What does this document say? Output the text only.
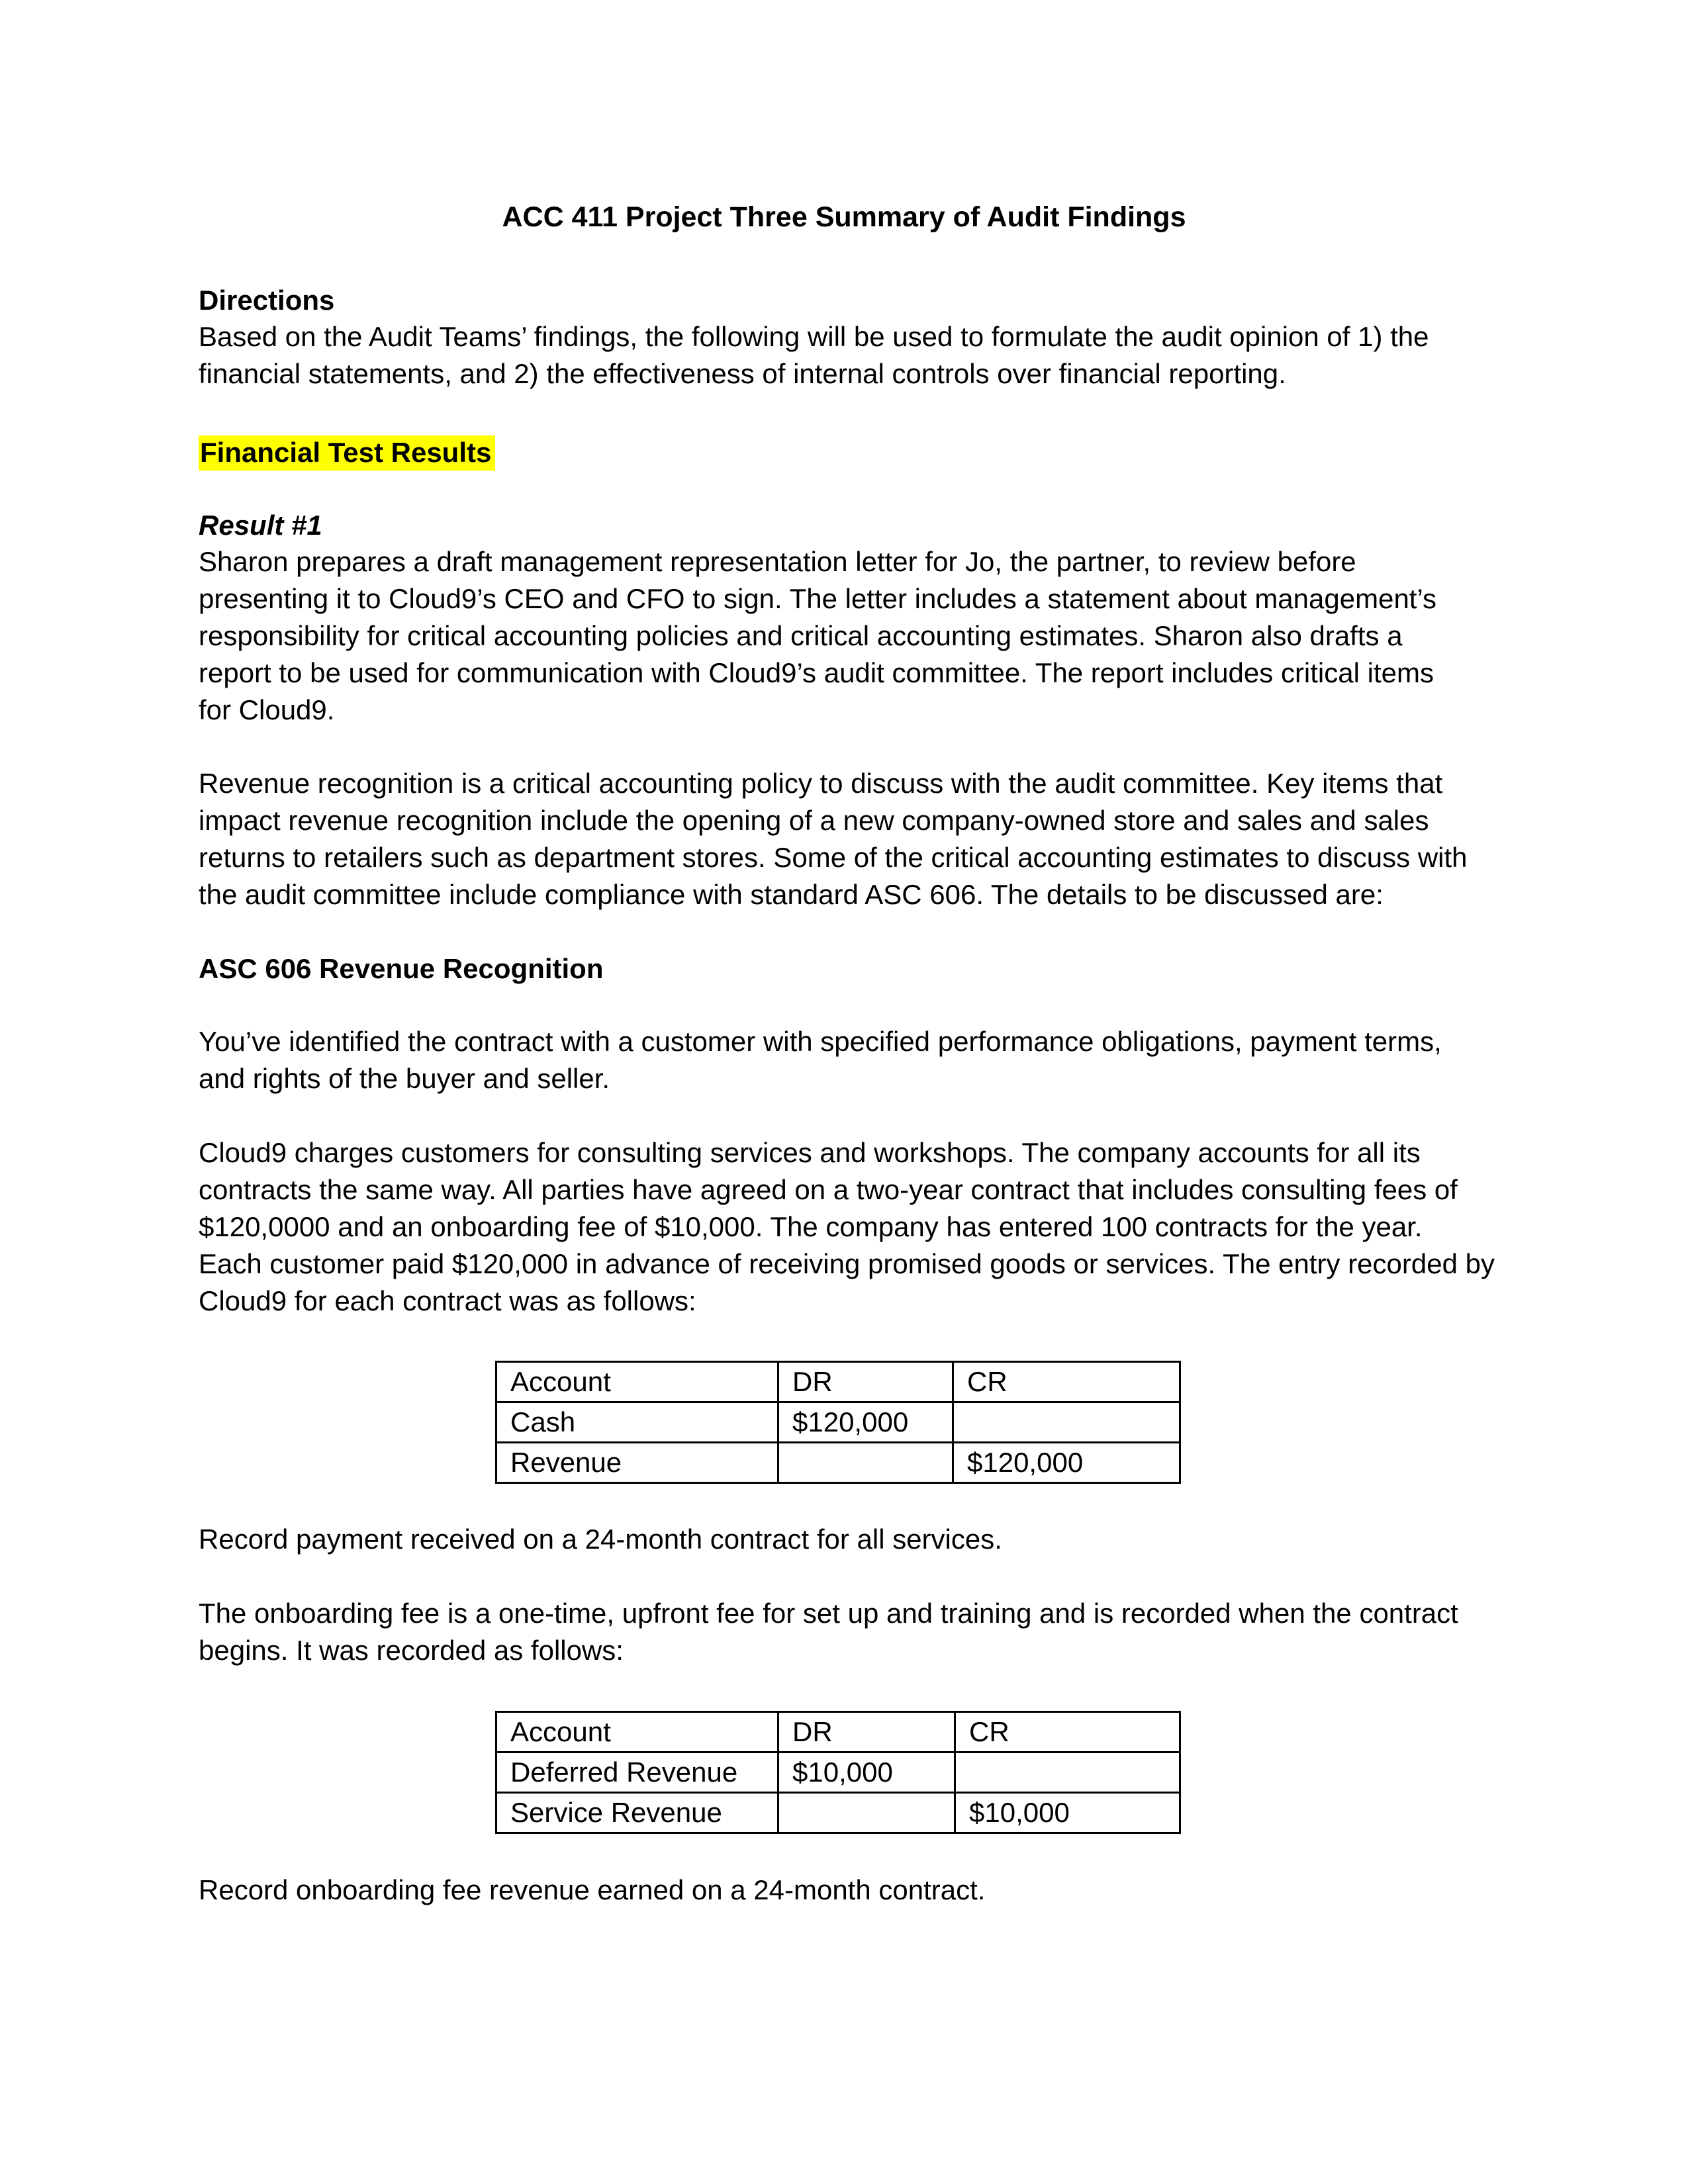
ACC 411 Project Three Summary of Audit Findings
Directions
Based on the Audit Teams’ findings, the following will be used to formulate the audit opinion of 1) the
financial statements, and 2) the effectiveness of internal controls over financial reporting.
Financial Test Results
Result #1
Sharon prepares a draft management representation letter for Jo, the partner, to review before
presenting it to Cloud9’s CEO and CFO to sign. The letter includes a statement about management’s
responsibility for critical accounting policies and critical accounting estimates. Sharon also drafts a
report to be used for communication with Cloud9’s audit committee. The report includes critical items
for Cloud9.
Revenue recognition is a critical accounting policy to discuss with the audit committee. Key items that
impact revenue recognition include the opening of a new company-owned store and sales and sales
returns to retailers such as department stores. Some of the critical accounting estimates to discuss with
the audit committee include compliance with standard ASC 606. The details to be discussed are:
ASC 606 Revenue Recognition
You’ve identified the contract with a customer with specified performance obligations, payment terms,
and rights of the buyer and seller.
Cloud9 charges customers for consulting services and workshops. The company accounts for all its
contracts the same way. All parties have agreed on a two-year contract that includes consulting fees of
$120,0000 and an onboarding fee of $10,000. The company has entered 100 contracts for the year.
Each customer paid $120,000 in advance of receiving promised goods or services. The entry recorded by
Cloud9 for each contract was as follows:
Account	DR	CR
Cash	$120,000	
Revenue		$120,000
Record payment received on a 24-month contract for all services.
The onboarding fee is a one-time, upfront fee for set up and training and is recorded when the contract
begins. It was recorded as follows:
Account	DR	CR
Deferred Revenue	$10,000	
Service Revenue		$10,000
Record onboarding fee revenue earned on a 24-month contract.
